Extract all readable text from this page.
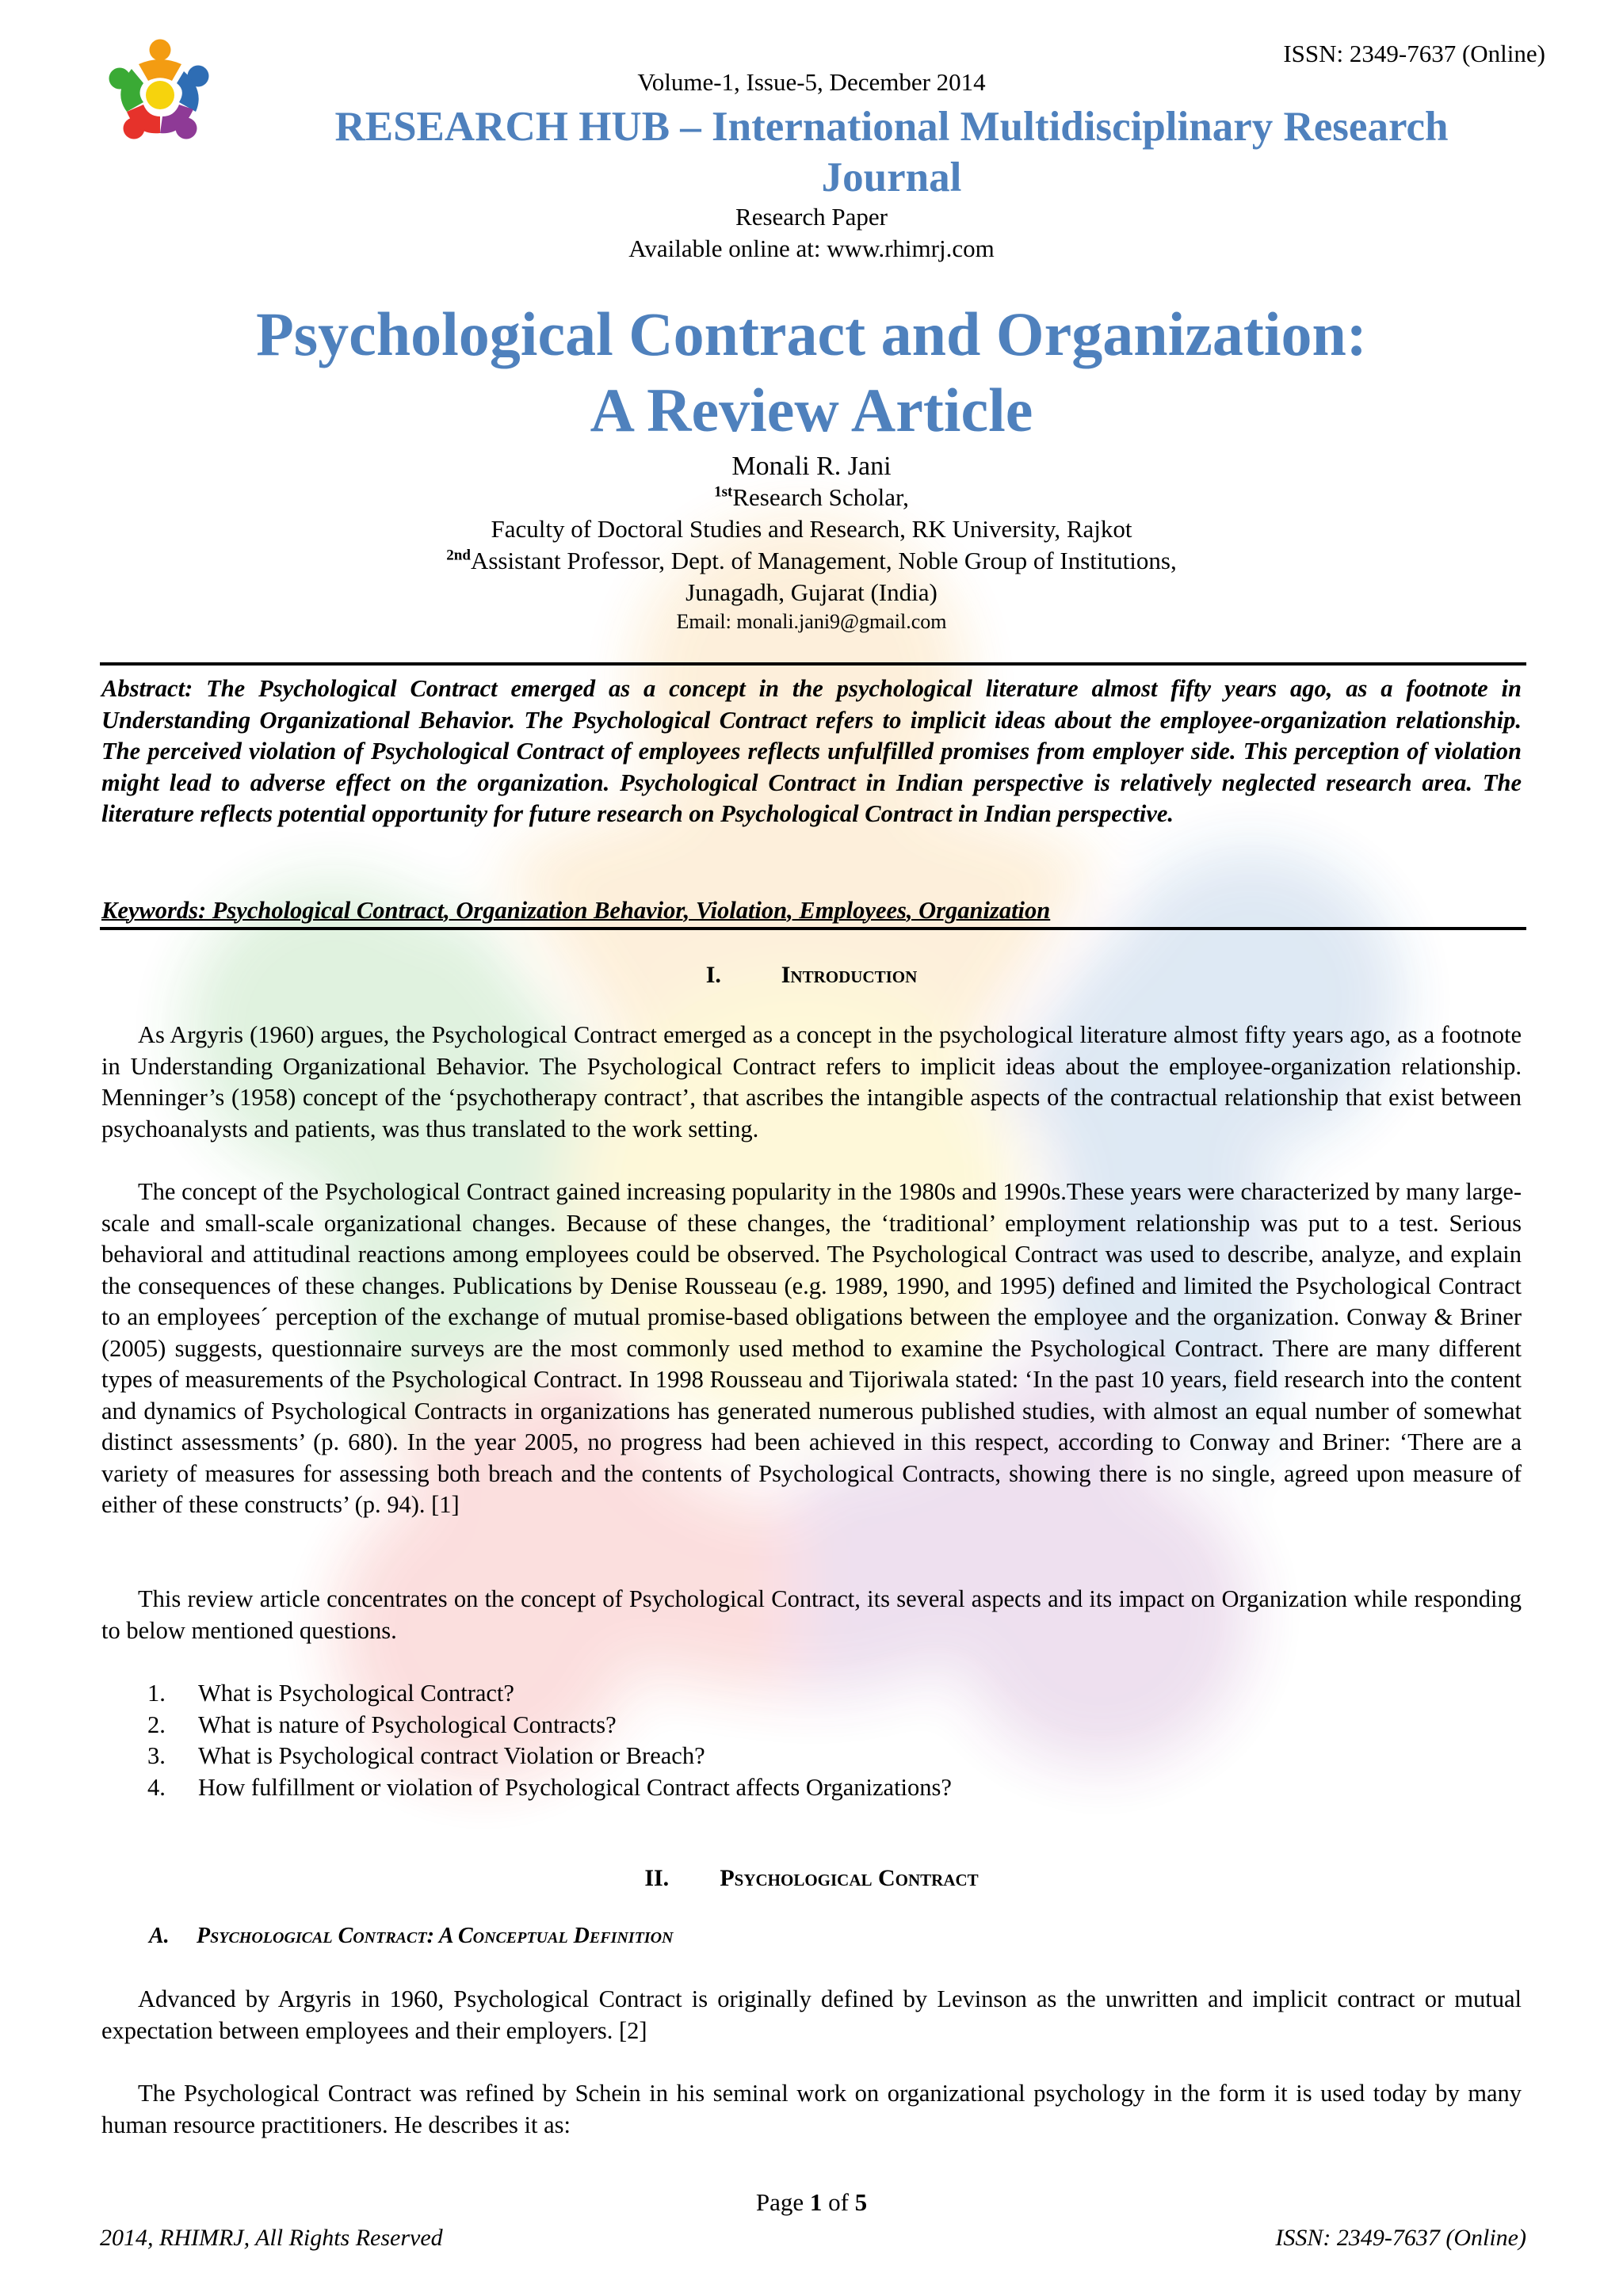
ISSN: 2349-7637 (Online)
Volume-1, Issue-5, December 2014
RESEARCH HUB – International Multidisciplinary Research
Journal
Research Paper
Available online at: www.rhimrj.com
Psychological Contract and Organization:
A Review Article
Monali R. Jani
$^{1st}$Research Scholar,
Faculty of Doctoral Studies and Research, RK University, Rajkot
$^{2nd}$Assistant Professor, Dept. of Management, Noble Group of Institutions,
Junagadh, Gujarat (India)
Email: monali.jani9@gmail.com
Abstract: The Psychological Contract emerged as a concept in the psychological literature almost fifty years ago, as a footnote in Understanding Organizational Behavior. The Psychological Contract refers to implicit ideas about the employee-organization relationship. The perceived violation of Psychological Contract of employees reflects unfulfilled promises from employer side. This perception of violation might lead to adverse effect on the organization. Psychological Contract in Indian perspective is relatively neglected research area. The literature reflects potential opportunity for future research on Psychological Contract in Indian perspective.
Keywords: Psychological Contract, Organization Behavior, Violation, Employees, Organization
I.	Introduction
As Argyris (1960) argues, the Psychological Contract emerged as a concept in the psychological literature almost fifty years ago, as a footnote in Understanding Organizational Behavior. The Psychological Contract refers to implicit ideas about the employee-organization relationship. Menninger’s (1958) concept of the ‘psychotherapy contract’, that ascribes the intangible aspects of the contractual relationship that exist between psychoanalysts and patients, was thus translated to the work setting.
The concept of the Psychological Contract gained increasing popularity in the 1980s and 1990s.These years were characterized by many large-scale and small-scale organizational changes. Because of these changes, the ‘traditional’ employment relationship was put to a test. Serious behavioral and attitudinal reactions among employees could be observed. The Psychological Contract was used to describe, analyze, and explain the consequences of these changes. Publications by Denise Rousseau (e.g. 1989, 1990, and 1995) defined and limited the Psychological Contract to an employees´ perception of the exchange of mutual promise-based obligations between the employee and the organization. Conway & Briner (2005) suggests, questionnaire surveys are the most commonly used method to examine the Psychological Contract. There are many different types of measurements of the Psychological Contract. In 1998 Rousseau and Tijoriwala stated: ‘In the past 10 years, field research into the content and dynamics of Psychological Contracts in organizations has generated numerous published studies, with almost an equal number of somewhat distinct assessments’ (p. 680). In the year 2005, no progress had been achieved in this respect, according to Conway and Briner: ‘There are a variety of measures for assessing both breach and the contents of Psychological Contracts, showing there is no single, agreed upon measure of either of these constructs’ (p. 94). [1]
This review article concentrates on the concept of Psychological Contract, its several aspects and its impact on Organization while responding to below mentioned questions.
1.	What is Psychological Contract?
2.	What is nature of Psychological Contracts?
3.	What is Psychological contract Violation or Breach?
4.	How fulfillment or violation of Psychological Contract affects Organizations?
II. Psychological Contract
A. Psychological Contract: A Conceptual Definition
Advanced by Argyris in 1960, Psychological Contract is originally defined by Levinson as the unwritten and implicit contract or mutual expectation between employees and their employers. [2]
The Psychological Contract was refined by Schein in his seminal work on organizational psychology in the form it is used today by many human resource practitioners. He describes it as:
Page 1 of 5
2014, RHIMRJ, All Rights Reserved	ISSN: 2349-7637 (Online)
